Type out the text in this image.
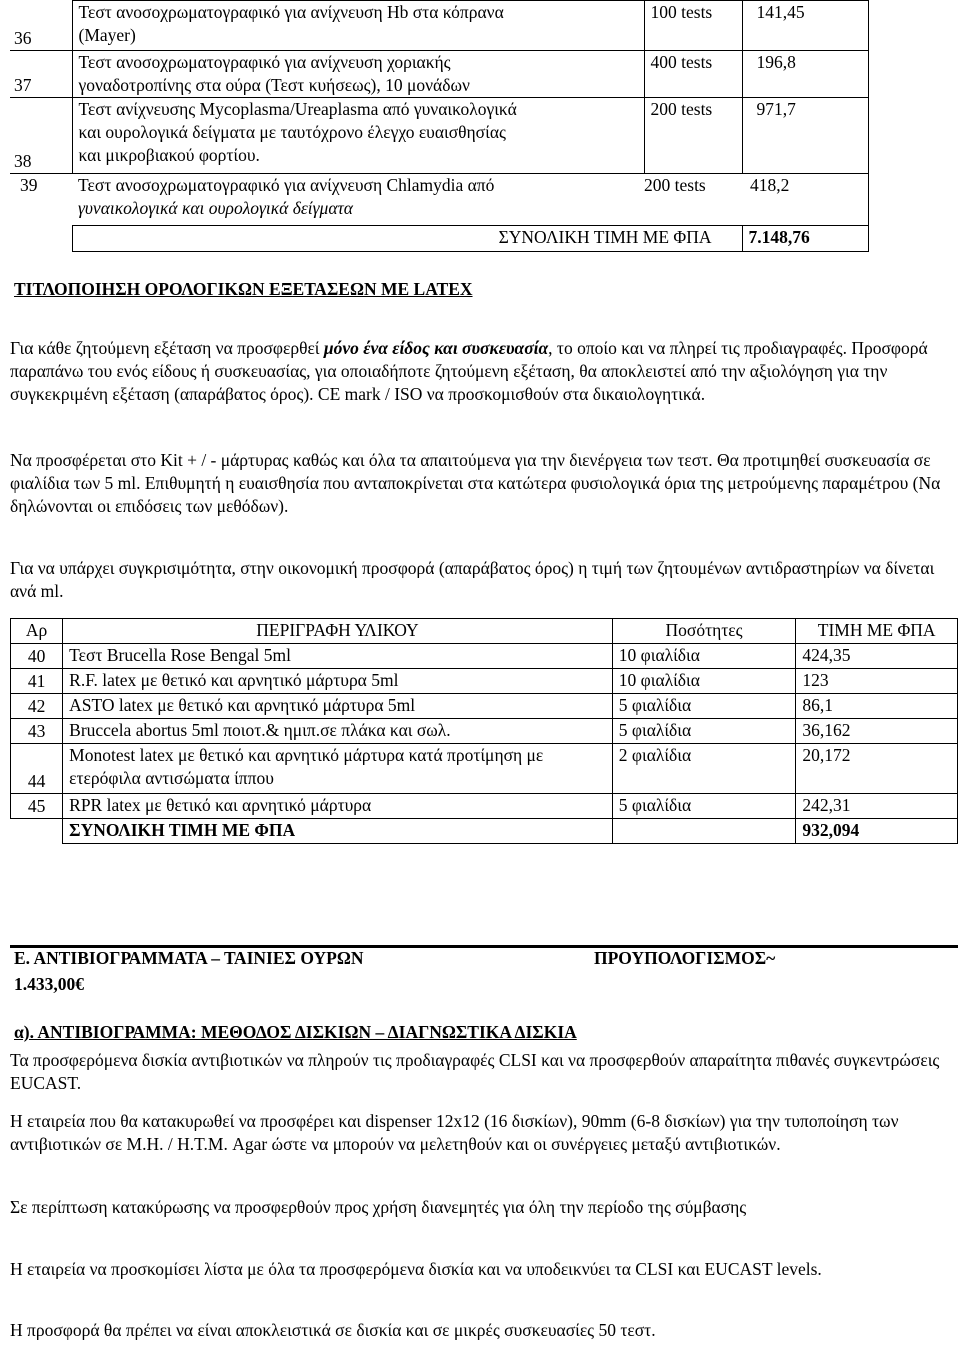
36	Τεστ ανοσοχρωματογραφικό για ανίχνευση Hb στα κόπρανα
(Mayer)	100 tests	141,45
37	Τεστ ανοσοχρωματογραφικό για ανίχνευση χοριακής
γοναδοτροπίνης στα ούρα (Τεστ κυήσεως), 10 μονάδων	400 tests	196,8
38	Τεστ ανίχνευσης Mycoplasma/Ureaplasma από γυναικολογικά
και ουρολογικά δείγματα με ταυτόχρονο έλεγχο ευαισθησίας
και μικροβιακού φορτίου.	200 tests	971,7
39	Τεστ ανοσοχρωματογραφικό για ανίχνευση Chlamydia από
γυναικολογικά και ουρολογικά δείγματα	200 tests	418,2
	ΣΥΝΟΛΙΚΗ ΤΙΜΗ ΜΕ ΦΠΑ		7.148,76
ΤΙΤΛΟΠΟΙΗΣΗ ΟΡΟΛΟΓΙΚΩΝ ΕΞΕΤΑΣΕΩΝ ΜΕ LATEX

Για κάθε ζητούμενη εξέταση να προσφερθεί μόνο ένα είδος και συσκευασία, το οποίο και να πληρεί τις προδιαγραφές. Προσφορά παραπάνω του ενός είδους ή συσκευασίας, για οποιαδήποτε ζητούμενη εξέταση, θα αποκλειστεί από την αξιολόγηση για την συγκεκριμένη εξέταση (απαράβατος όρος). CE mark / ISO να προσκομισθούν στα δικαιολογητικά.

Να προσφέρεται στο Kit + / - μάρτυρας καθώς και όλα τα απαιτούμενα για την διενέργεια των τεστ. Θα προτιμηθεί συσκευασία σε φιαλίδια των 5 ml. Επιθυμητή η ευαισθησία που ανταποκρίνεται στα κατώτερα φυσιολογικά όρια της μετρούμενης παραμέτρου (Να δηλώνονται οι επιδόσεις των μεθόδων).

Για να υπάρχει συγκρισιμότητα, στην οικονομική προσφορά (απαράβατος όρος) η τιμή των ζητουμένων αντιδραστηρίων να δίνεται ανά ml.

Αρ	ΠΕΡΙΓΡΑΦΗ ΥΛΙΚΟΥ	Ποσότητες	ΤΙΜΗ ΜΕ ΦΠΑ
40	Τεστ Brucella Rose Bengal 5ml	10 φιαλίδια	424,35
41	R.F. latex με θετικό και αρνητικό μάρτυρα 5ml	10 φιαλίδια	123
42	ASTO latex με θετικό και αρνητικό μάρτυρα 5ml	5 φιαλίδια	86,1
43	Bruccela abortus 5ml ποιοτ.& ημιπ.σε πλάκα και σωλ.	5 φιαλίδια	36,162
44	Monotest latex με θετικό και αρνητικό μάρτυρα κατά προτίμηση με ετερόφιλα αντισώματα ίππου	2 φιαλίδια	20,172
45	RPR latex με θετικό και αρνητικό μάρτυρα	5 φιαλίδια	242,31
	ΣΥΝΟΛΙΚΗ ΤΙΜΗ ΜΕ ΦΠΑ		932,094
Ε. ΑΝΤΙΒΙΟΓΡΑΜΜΑΤΑ – ΤΑΙΝΙΕΣ ΟΥΡΩΝ	ΠΡΟΥΠΟΛΟΓΙΣΜΟΣ~
1.433,00€
α). ΑΝΤΙΒΙΟΓΡΑΜΜΑ: ΜΕΘΟΔΟΣ ΔΙΣΚΙΩΝ – ΔΙΑΓΝΩΣΤΙΚΑ ΔΙΣΚΙΑ

Τα προσφερόμενα δισκία αντιβιοτικών να πληρούν τις προδιαγραφές CLSI και να προσφερθούν απαραίτητα πιθανές συγκεντρώσεις EUCAST.

Η εταιρεία που θα κατακυρωθεί να προσφέρει και dispenser 12x12 (16 δισκίων), 90mm (6-8 δισκίων) για την τυποποίηση των αντιβιοτικών σε Μ.Η. / Η.Τ.Μ. Agar ώστε να μπορούν να μελετηθούν και οι συνέργειες μεταξύ αντιβιοτικών.

Σε περίπτωση κατακύρωσης να προσφερθούν προς χρήση διανεμητές για όλη την περίοδο της σύμβασης

Η εταιρεία να προσκομίσει λίστα με όλα τα προσφερόμενα δισκία και να υποδεικνύει τα CLSI και EUCAST levels.

Η προσφορά θα πρέπει να είναι αποκλειστικά σε δισκία και σε μικρές συσκευασίες 50 τεστ.
